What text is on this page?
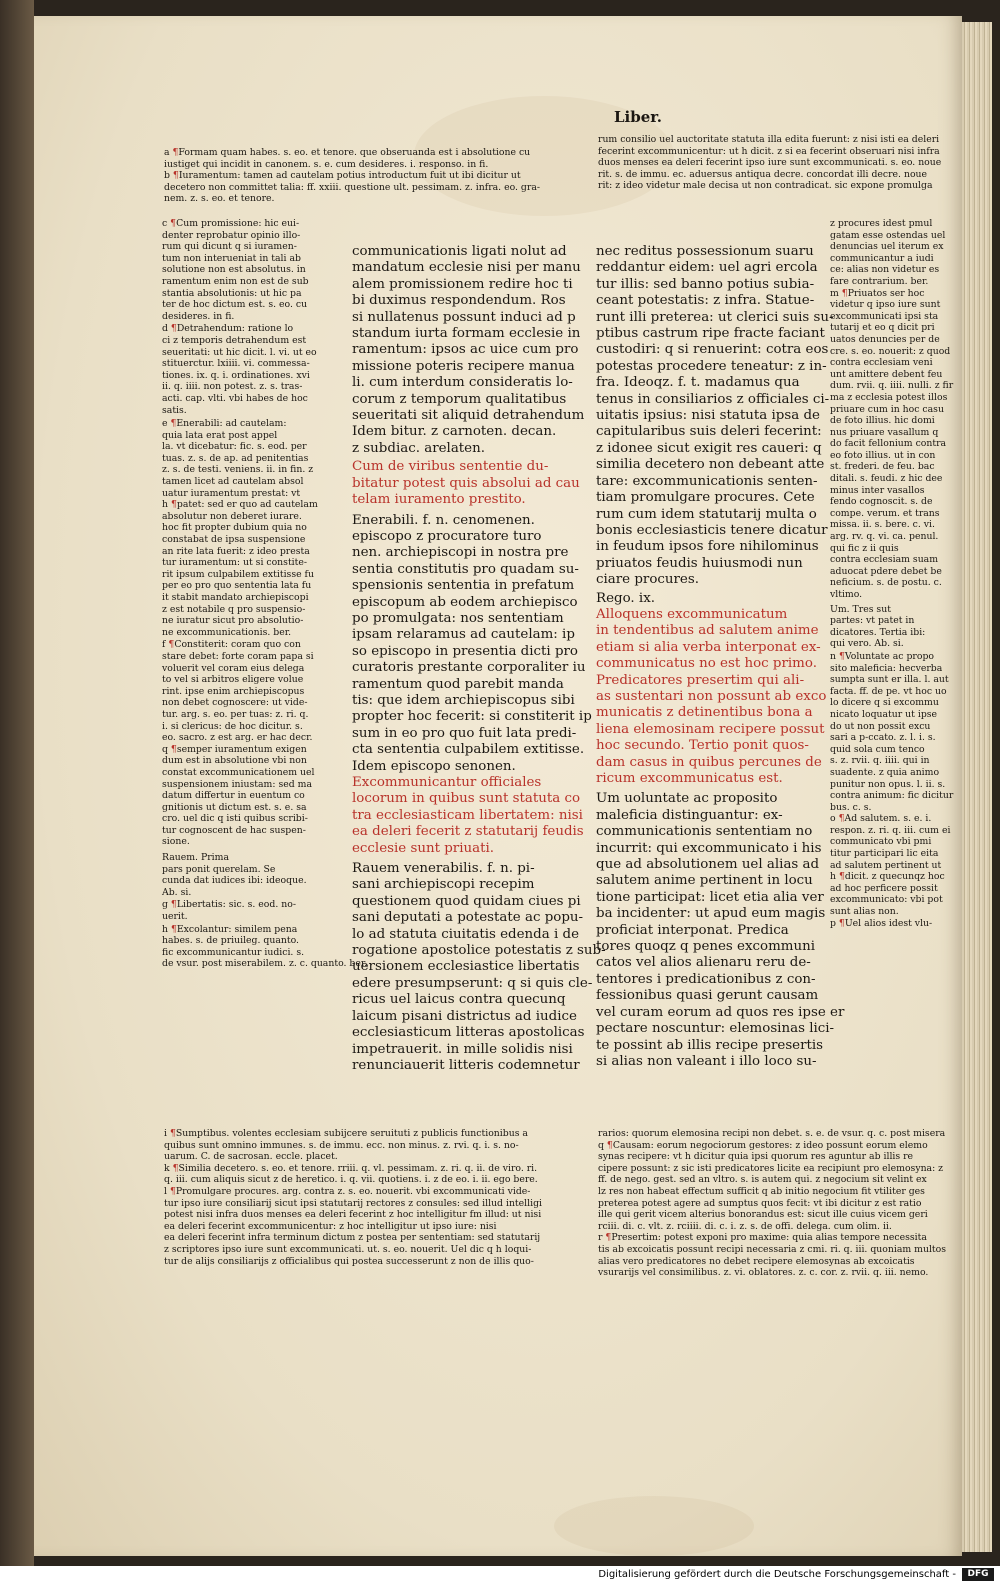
Liber.
a ¶Formam quam habes. s. eo. et tenore. que obseruanda est i absolutione cu
iustiget qui incidit in canonem. s. e. cum desideres. i. responso. in fi.
b ¶Iuramentum: tamen ad cautelam potius introductum fuit ut ibi dicitur ut
decetero non committet talia: ff. xxiii. questione ult. pessimam. z. infra. eo. gra-
nem. z. s. eo. et tenore.
rum consilio uel auctoritate statuta illa edita fuerunt: z nisi isti ea deleri
fecerint excommunicentur: ut h dicit. z si ea fecerint obseruari nisi infra
duos menses ea deleri fecerint ipso iure sunt excommunicati. s. eo. noue
rit. s. de immu. ec. aduersus antiqua decre. concordat illi decre. noue
rit: z ideo videtur male decisa ut non contradicat. sic expone promulga
c ¶Cum promissione: hic eui-
denter reprobatur opinio illo-
rum qui dicunt q si iuramen-
tum non interueniat in tali ab
solutione non est absolutus. in
ramentum enim non est de sub
stantia absolutionis: ut hic pa
ter de hoc dictum est. s. eo. cu
desideres. in fi.
d ¶Detrahendum: ratione lo
ci z temporis detrahendum est
seueritati: ut hic dicit. l. vi. ut eo
stituerctur. lxiiii. vi. commessa-
tiones. ix. q. i. ordinationes. xvi
ii. q. iiii. non potest. z. s. tras-
acti. cap. vlti. vbi habes de hoc
satis.
e ¶Enerabili: ad cautelam:
quia lata erat post appel
la. vt dicebatur: fic. s. eod. per
tuas. z. s. de ap. ad penitentias
z. s. de testi. veniens. ii. in fin. z
tamen licet ad cautelam absol
uatur iuramentum prestat: vt
h ¶patet: sed er quo ad cautelam
absolutur non deberet iurare.
hoc fit propter dubium quia no
constabat de ipsa suspensione
an rite lata fuerit: z ideo presta
tur iuramentum: ut si constite-
rit ipsum culpabilem extitisse fu
per eo pro quo sententia lata fu
it stabit mandato archiepiscopi
z est notabile q pro suspensio-
ne iuratur sicut pro absolutio-
ne excommunicationis. ber.
f ¶Constiterit: coram quo con
stare debet: forte coram papa si
voluerit vel coram eius delega
to vel si arbitros eligere volue
rint. ipse enim archiepiscopus
non debet cognoscere: ut vide-
tur. arg. s. eo. per tuas: z. ri. q.
i. si clericus: de hoc dicitur. s.
eo. sacro. z est arg. er hac decr.
q ¶semper iuramentum exigen
dum est in absolutione vbi non
constat excommunicationem uel
suspensionem iniustam: sed ma
datum differtur in euentum co
gnitionis ut dictum est. s. e. sa
cro. uel dic q isti quibus scribi-
tur cognoscent de hac suspen-
sione.
Rauem. Prima
pars ponit querelam. Se
cunda dat iudices ibi: ideoque.
Ab. si.
g ¶Libertatis: sic. s. eod. no-
uerit.
h ¶Excolantur: similem pena
habes. s. de priuileg. quanto.
fic excommunicantur iudici. s.
de vsur. post miserabilem. z. c. quanto. ber.
communicationis ligati nolut ad
mandatum ecclesie nisi per manu
alem promissionem redire hoc ti
bi duximus respondendum. Ros
si nullatenus possunt induci ad p
standum iurta formam ecclesie in
ramentum: ipsos ac uice cum pro
missione poteris recipere manua
li. cum interdum consideratis lo-
corum z temporum qualitatibus
seueritati sit aliquid detrahendum
Idem bitur. z carnoten. decan.
z subdiac. arelaten.
Cum de viribus sententie du-
bitatur potest quis absolui ad cau
telam iuramento prestito.
Enerabili. f. n. cenomenen.
episcopo z procuratore turo
nen. archiepiscopi in nostra pre
sentia constitutis pro quadam su-
spensionis sententia in prefatum
episcopum ab eodem archiepisco
po promulgata: nos sententiam
ipsam relaramus ad cautelam: ip
so episcopo in presentia dicti pro
curatoris prestante corporaliter iu
ramentum quod parebit manda
tis: que idem archiepiscopus sibi
propter hoc fecerit: si constiterit ip
sum in eo pro quo fuit lata predi-
cta sententia culpabilem extitisse.
Idem episcopo senonen.
Excommunicantur officiales
locorum in quibus sunt statuta co
tra ecclesiasticam libertatem: nisi
ea deleri fecerit z statutarij feudis
ecclesie sunt priuati.
Rauem venerabilis. f. n. pi-
sani archiepiscopi recepim
questionem quod quidam ciues pi
sani deputati a potestate ac popu-
lo ad statuta ciuitatis edenda i de
rogatione apostolice potestatis z sub-
uersionem ecclesiastice libertatis
edere presumpserunt: q si quis cle-
ricus uel laicus contra quecunq
laicum pisani districtus ad iudice
ecclesiasticum litteras apostolicas
impetrauerit. in mille solidis nisi
renunciauerit litteris codemnetur
nec reditus possessionum suaru
reddantur eidem: uel agri ercola
tur illis: sed banno potius subia-
ceant potestatis: z infra. Statue-
runt illi preterea: ut clerici suis su-
ptibus castrum ripe fracte faciant
custodiri: q si renuerint: cotra eos
potestas procedere teneatur: z in-
fra. Ideoqz. f. t. madamus qua
tenus in consiliarios z officiales ci-
uitatis ipsius: nisi statuta ipsa de
capitularibus suis deleri fecerint:
z idonee sicut exigit res caueri: q
similia decetero non debeant atte
tare: excommunicationis senten-
tiam promulgare procures. Cete
rum cum idem statutarij multa o
bonis ecclesiasticis tenere dicatur
in feudum ipsos fore nihilominus
priuatos feudis huiusmodi nun
ciare procures.
Rego. ix.
Alloquens excommunicatum
in tendentibus ad salutem anime
etiam si alia verba interponat ex-
communicatus no est hoc primo.
Predicatores presertim qui ali-
as sustentari non possunt ab exco
municatis z detinentibus bona a
liena elemosinam recipere possut
hoc secundo. Tertio ponit quos-
dam casus in quibus percunes de
ricum excommunicatus est.
Um uoluntate ac proposito
maleficia distinguantur: ex-
communicationis sententiam no
incurrit: qui excommunicato i his
que ad absolutionem uel alias ad
salutem anime pertinent in locu
tione participat: licet etia alia ver
ba incidenter: ut apud eum magis
proficiat interponat. Predica
tores quoqz q penes excommuni
catos vel alios alienaru reru de-
tentores i predicationibus z con-
fessionibus quasi gerunt causam
vel curam eorum ad quos res ipse er
pectare noscuntur: elemosinas lici-
te possint ab illis recipe presertis
si alias non valeant i illo loco su-
z procures idest pmul
gatam esse ostendas uel
denuncias uel iterum ex
communicantur a iudi
ce: alias non videtur es
fare contrarium. ber.
m ¶Priuatos ser hoc
videtur q ipso iure sunt
excommunicati ipsi sta
tutarij et eo q dicit pri
uatos denuncies per de
cre. s. eo. nouerit: z quod
contra ecclesiam veni
unt amittere debent feu
dum. rvii. q. iiii. nulli. z fir
ma z ecclesia potest illos
priuare cum in hoc casu
de foto illius. hic domi
nus priuare vasallum q
do facit fellonium contra
eo foto illius. ut in con
st. frederi. de feu. bac
ditali. s. feudi. z hic dee
minus inter vasallos
fendo cognoscit. s. de
compe. verum. et trans
missa. ii. s. bere. c. vi.
arg. rv. q. vi. ca. penul.
qui fic z ii quis
contra ecclesiam suam
aduocat pdere debet be
neficium. s. de postu. c.
vltimo.
Um. Tres sut
partes: vt patet in
dicatores. Tertia ibi:
qui vero. Ab. si.
n ¶Voluntate ac propo
sito maleficia: hecverba
sumpta sunt er illa. l. aut
facta. ff. de pe. vt hoc uo
lo dicere q si excommu
nicato loquatur ut ipse
do ut non possit excu
sari a p-ccato. z. l. i. s.
quid sola cum tenco
s. z. rvii. q. iiii. qui in
suadente. z quia animo
punitur non opus. l. ii. s.
contra animum: fic dicitur
bus. c. s.
o ¶Ad salutem. s. e. i.
respon. z. ri. q. iii. cum ei
communicato vbi pmi
titur participari lic eita
ad salutem pertinent ut
h ¶dicit. z quecunqz hoc
ad hoc perficere possit
excommunicato: vbi pot
sunt alias non.
p ¶Uel alios idest vlu-
i ¶Sumptibus. volentes ecclesiam subijcere seruituti z publicis functionibus a
quibus sunt omnino immunes. s. de immu. ecc. non minus. z. rvi. q. i. s. no-
uarum. C. de sacrosan. eccle. placet.
k ¶Similia decetero. s. eo. et tenore. rriii. q. vl. pessimam. z. ri. q. ii. de viro. ri.
q. iii. cum aliquis sicut z de heretico. i. q. vii. quotiens. i. z de eo. i. ii. ego bere.
l ¶Promulgare procures. arg. contra z. s. eo. nouerit. vbi excommunicati vide-
tur ipso iure consiliarij sicut ipsi statutarij rectores z consules: sed illud intelligi
potest nisi infra duos menses ea deleri fecerint z hoc intelligitur fm illud: ut nisi
ea deleri fecerint excommunicentur: z hoc intelligitur ut ipso iure: nisi
ea deleri fecerint infra terminum dictum z postea per sententiam: sed statutarij
z scriptores ipso iure sunt excommunicati. ut. s. eo. nouerit. Uel dic q h loqui-
tur de alijs consiliarijs z officialibus qui postea successerunt z non de illis quo-
rarios: quorum elemosina recipi non debet. s. e. de vsur. q. c. post misera
q ¶Causam: eorum negociorum gestores: z ideo possunt eorum elemo
synas recipere: vt h dicitur quia ipsi quorum res aguntur ab illis re
cipere possunt: z sic isti predicatores licite ea recipiunt pro elemosyna: z
ff. de nego. gest. sed an vltro. s. is autem qui. z negocium sit velint ex
lz res non habeat effectum sufficit q ab initio negocium fit vtiliter ges
preterea potest agere ad sumptus quos fecit: vt ibi dicitur z est ratio
ille qui gerit vicem alterius bonorandus est: sicut ille cuius vicem geri
rciii. di. c. vlt. z. rciiii. di. c. i. z. s. de offi. delega. cum olim. ii.
r ¶Presertim: potest exponi pro maxime: quia alias tempore necessita
tis ab excoicatis possunt recipi necessaria z cmi. ri. q. iii. quoniam multos
alias vero predicatores no debet recipere elemosynas ab excoicatis
vsurarijs vel consimilibus. z. vi. oblatores. z. c. cor. z. rvii. q. iii. nemo.
Digitalisierung gefördert durch die Deutsche Forschungsgemeinschaft -	DFG
